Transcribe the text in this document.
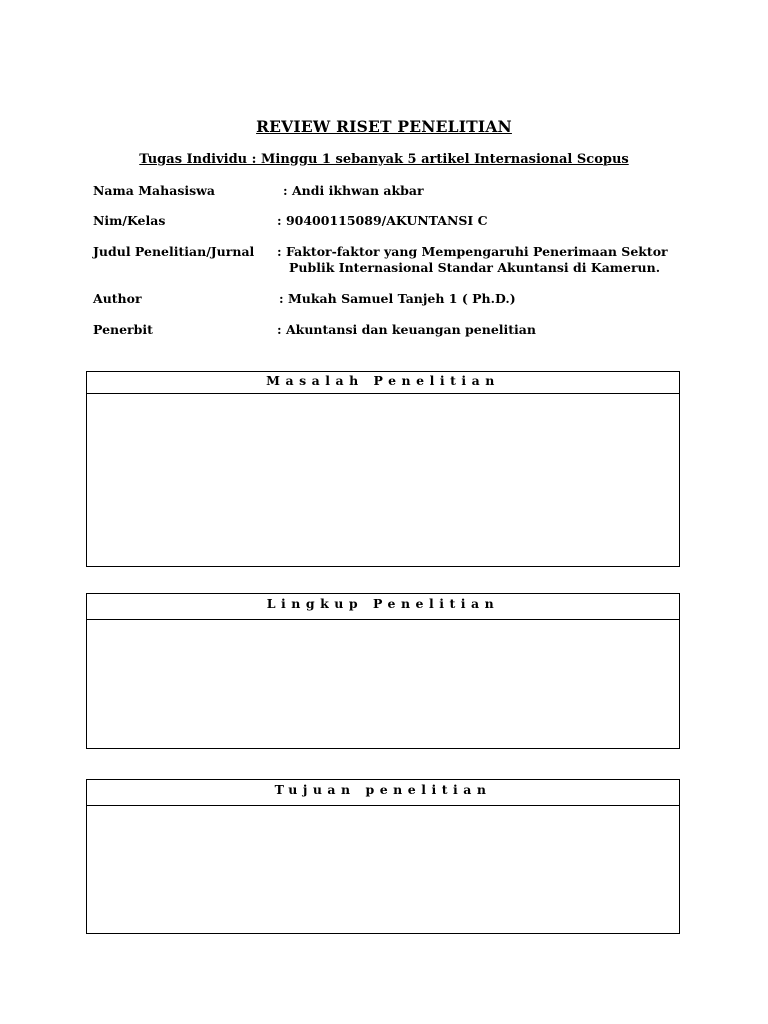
REVIEW RISET PENELITIAN
Tugas Individu : Minggu 1 sebanyak 5 artikel Internasional Scopus
Nama Mahasiswa	: Andi ikhwan akbar
Nim/Kelas	: 90400115089/AKUNTANSI C
Judul Penelitian/Jurnal : Faktor-faktor yang Mempengaruhi Penerimaan Sektor
Publik Internasional Standar Akuntansi di Kamerun.
Author	: Mukah Samuel Tanjeh 1 ( Ph.D.)
Penerbit	: Akuntansi dan keuangan penelitian
Masalah Penelitian
Lingkup Penelitian
Tujuan penelitian
